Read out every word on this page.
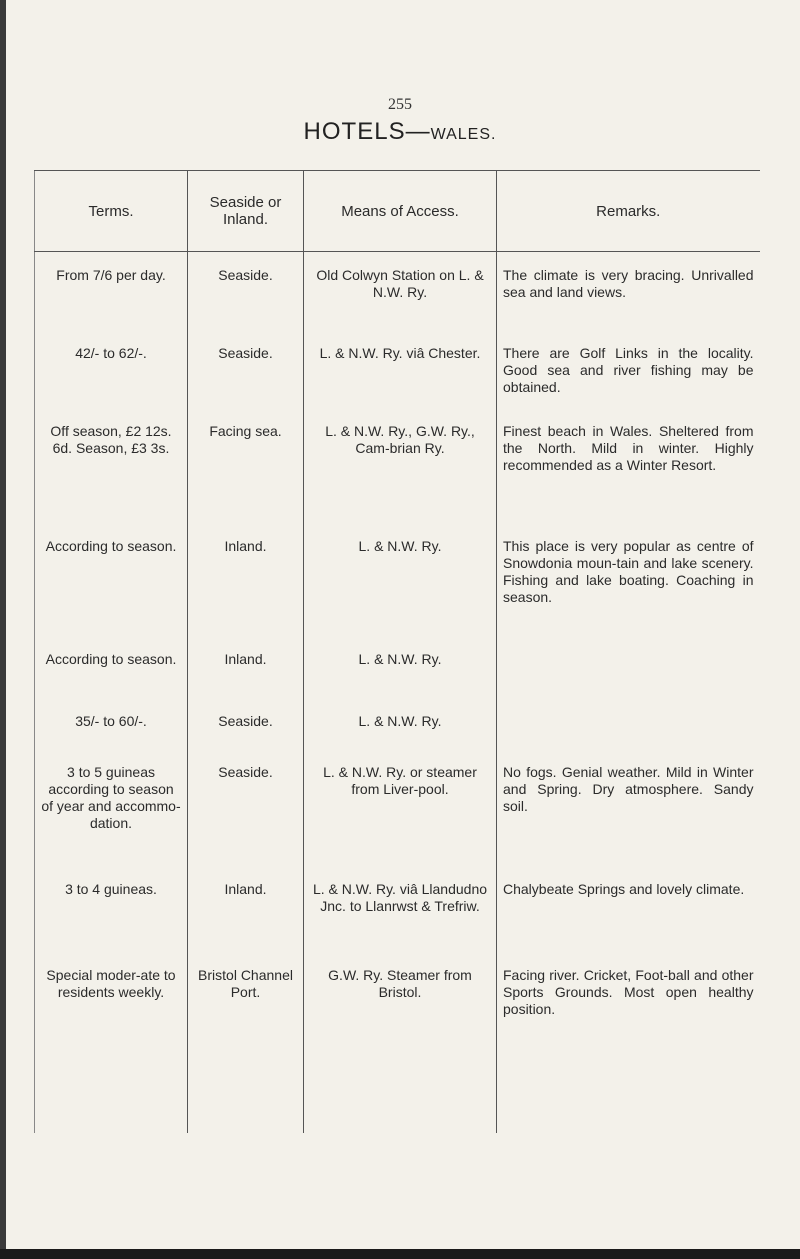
255
HOTELS—WALES.
Terms.	Seaside or Inland.	Means of Access.	Remarks.
From 7/6 per day.	Seaside.	Old Colwyn Station on L. & N.W. Ry.	The climate is very bracing. Unrivalled sea and land views.
42/- to 62/-.	Seaside.	L. & N.W. Ry. viâ Chester.	There are Golf Links in the locality. Good sea and river fishing may be obtained.
Off season, £2 12s. 6d. Season, £3 3s.	Facing sea.	L. & N.W. Ry., G.W. Ry., Cam-brian Ry.	Finest beach in Wales. Sheltered from the North. Mild in winter. Highly recommended as a Winter Resort.
According to season.	Inland.	L. & N.W. Ry.	This place is very popular as centre of Snowdonia moun-tain and lake scenery. Fishing and lake boating. Coaching in season.
According to season.	Inland.	L. & N.W. Ry.	
35/- to 60/-.	Seaside.	L. & N.W. Ry.	
3 to 5 guineas according to season of year and accommo-dation.	Seaside.	L. & N.W. Ry. or steamer from Liver-pool.	No fogs. Genial weather. Mild in Winter and Spring. Dry atmosphere. Sandy soil.
3 to 4 guineas.	Inland.	L. & N.W. Ry. viâ Llandudno Jnc. to Llanrwst & Trefriw.	Chalybeate Springs and lovely climate.
Special moder-ate to residents weekly.	Bristol Channel Port.	G.W. Ry. Steamer from Bristol.	Facing river. Cricket, Foot-ball and other Sports Grounds. Most open healthy position.
